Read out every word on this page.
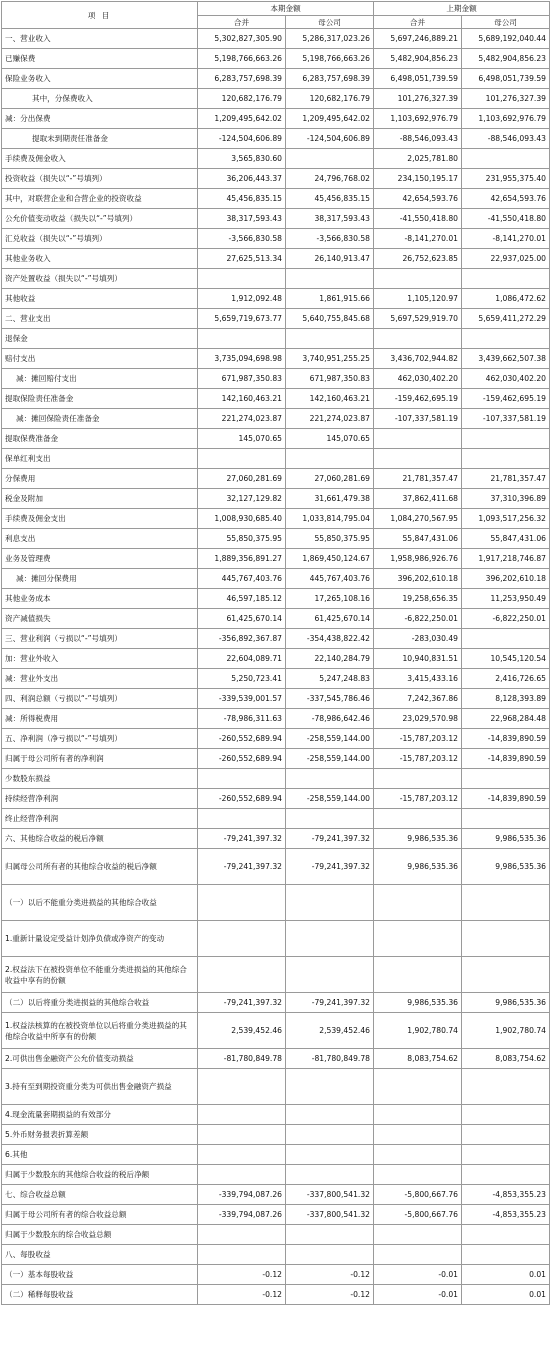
项 目	本期金额		上期金额	
	合并	母公司	合并	母公司
一、营业收入	5,302,827,305.90	5,286,317,023.26	5,697,246,889.21	5,689,192,040.44
已赚保费	5,198,766,663.26	5,198,766,663.26	5,482,904,856.23	5,482,904,856.23
保险业务收入	6,283,757,698.39	6,283,757,698.39	6,498,051,739.59	6,498,051,739.59
其中，分保费收入	120,682,176.79	120,682,176.79	101,276,327.39	101,276,327.39
减：分出保费	1,209,495,642.02	1,209,495,642.02	1,103,692,976.79	1,103,692,976.79
提取未到期责任准备金	-124,504,606.89	-124,504,606.89	-88,546,093.43	-88,546,093.43
手续费及佣金收入	3,565,830.60		2,025,781.80	
投资收益（损失以“-”号填列）	36,206,443.37	24,796,768.02	234,150,195.17	231,955,375.40
其中，对联营企业和合营企业的投资收益	45,456,835.15	45,456,835.15	42,654,593.76	42,654,593.76
公允价值变动收益（损失以“-”号填列）	38,317,593.43	38,317,593.43	-41,550,418.80	-41,550,418.80
汇兑收益（损失以“-”号填列）	-3,566,830.58	-3,566,830.58	-8,141,270.01	-8,141,270.01
其他业务收入	27,625,513.34	26,140,913.47	26,752,623.85	22,937,025.00
资产处置收益（损失以“-”号填列）				
其他收益	1,912,092.48	1,861,915.66	1,105,120.97	1,086,472.62
二、营业支出	5,659,719,673.77	5,640,755,845.68	5,697,529,919.70	5,659,411,272.29
退保金				
赔付支出	3,735,094,698.98	3,740,951,255.25	3,436,702,944.82	3,439,662,507.38
减：摊回赔付支出	671,987,350.83	671,987,350.83	462,030,402.20	462,030,402.20
提取保险责任准备金	142,160,463.21	142,160,463.21	-159,462,695.19	-159,462,695.19
减：摊回保险责任准备金	221,274,023.87	221,274,023.87	-107,337,581.19	-107,337,581.19
提取保费准备金	145,070.65	145,070.65		
保单红利支出				
分保费用	27,060,281.69	27,060,281.69	21,781,357.47	21,781,357.47
税金及附加	32,127,129.82	31,661,479.38	37,862,411.68	37,310,396.89
手续费及佣金支出	1,008,930,685.40	1,033,814,795.04	1,084,270,567.95	1,093,517,256.32
利息支出	55,850,375.95	55,850,375.95	55,847,431.06	55,847,431.06
业务及管理费	1,889,356,891.27	1,869,450,124.67	1,958,986,926.76	1,917,218,746.87
减：摊回分保费用	445,767,403.76	445,767,403.76	396,202,610.18	396,202,610.18
其他业务成本	46,597,185.12	17,265,108.16	19,258,656.35	11,253,950.49
资产减值损失	61,425,670.14	61,425,670.14	-6,822,250.01	-6,822,250.01
三、营业利润（亏损以“-”号填列）	-356,892,367.87	-354,438,822.42	-283,030.49	
加：营业外收入	22,604,089.71	22,140,284.79	10,940,831.51	10,545,120.54
减：营业外支出	5,250,723.41	5,247,248.83	3,415,433.16	2,416,726.65
四、利润总额（亏损以“-”号填列）	-339,539,001.57	-337,545,786.46	7,242,367.86	8,128,393.89
减：所得税费用	-78,986,311.63	-78,986,642.46	23,029,570.98	22,968,284.48
五、净利润（净亏损以“-”号填列）	-260,552,689.94	-258,559,144.00	-15,787,203.12	-14,839,890.59
归属于母公司所有者的净利润	-260,552,689.94	-258,559,144.00	-15,787,203.12	-14,839,890.59
少数股东损益				
持续经营净利润	-260,552,689.94	-258,559,144.00	-15,787,203.12	-14,839,890.59
终止经营净利润				
六、其他综合收益的税后净额	-79,241,397.32	-79,241,397.32	9,986,535.36	9,986,535.36
归属母公司所有者的其他综合收益的税后净额	-79,241,397.32	-79,241,397.32	9,986,535.36	9,986,535.36
（一）以后不能重分类进损益的其他综合收益				
1.重新计量设定受益计划净负债或净资产的变动				
2.权益法下在被投资单位不能重分类进损益的其他综合收益中享有的份额				
（二）以后将重分类进损益的其他综合收益	-79,241,397.32	-79,241,397.32	9,986,535.36	9,986,535.36
1.权益法核算的在被投资单位以后将重分类进损益的其他综合收益中所享有的份额	2,539,452.46	2,539,452.46	1,902,780.74	1,902,780.74
2.可供出售金融资产公允价值变动损益	-81,780,849.78	-81,780,849.78	8,083,754.62	8,083,754.62
3.持有至到期投资重分类为可供出售金融资产损益				
4.现金流量套期损益的有效部分				
5.外币财务报表折算差额				
6.其他				
归属于少数股东的其他综合收益的税后净额				
七、综合收益总额	-339,794,087.26	-337,800,541.32	-5,800,667.76	-4,853,355.23
归属于母公司所有者的综合收益总额	-339,794,087.26	-337,800,541.32	-5,800,667.76	-4,853,355.23
归属于少数股东的综合收益总额				
八、每股收益				
（一）基本每股收益	-0.12	-0.12	-0.01	0.01
（二）稀释每股收益	-0.12	-0.12	-0.01	0.01
